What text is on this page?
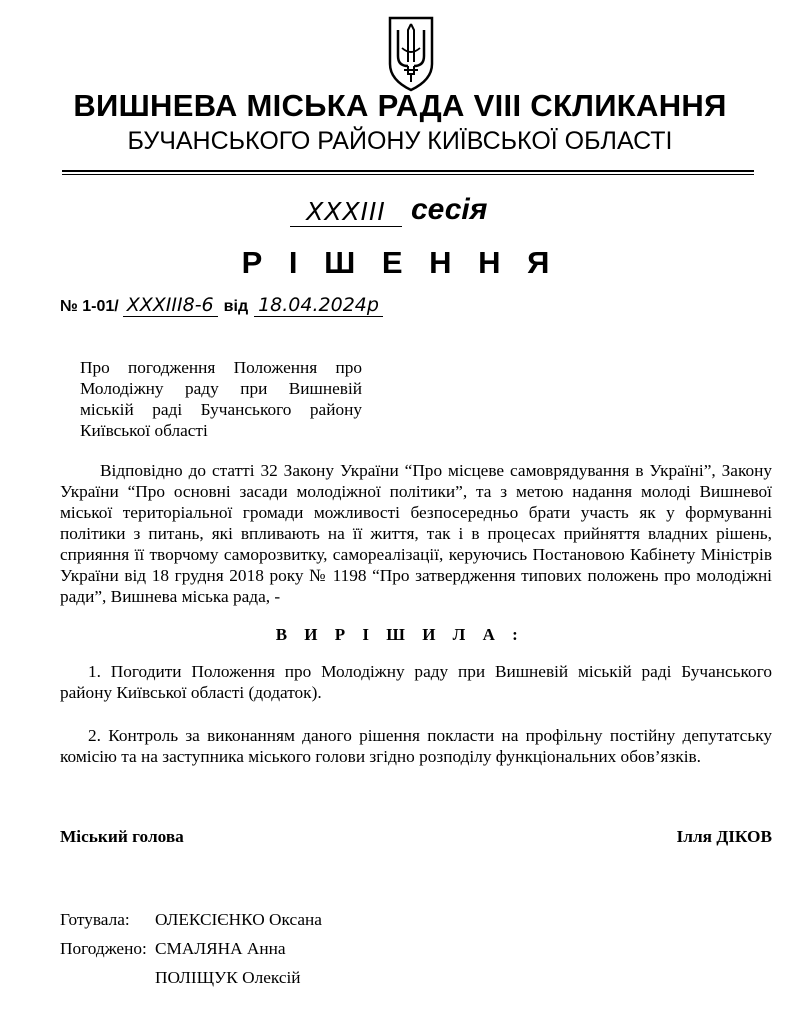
ВИШНЕВА МІСЬКА РАДА VIII СКЛИКАННЯ
БУЧАНСЬКОГО РАЙОНУ КИЇВСЬКОЇ ОБЛАСТІ
XXXIII сесія
Р І Ш Е Н Н Я
№ 1-01/ XXXIII8-6 від 18.04.2024р
Про погодження Положення про Молодіжну раду при Вишневій міській раді Бучанського району Київської області
Відповідно до статті 32 Закону України “Про місцеве самоврядування в Україні”, Закону України “Про основні засади молодіжної політики”, та з метою надання молоді Вишневої міської територіальної громади можливості безпосередньо брати участь як у формуванні політики з питань, які впливають на її життя, так і в процесах прийняття владних рішень, сприяння її творчому саморозвитку, самореалізації, керуючись Постановою Кабінету Міністрів України від 18 грудня 2018 року № 1198 “Про затвердження типових положень про молодіжні ради”, Вишнева міська рада, -
В И Р І Ш И Л А :
1. Погодити Положення про Молодіжну раду при Вишневій міській раді Бучанського району Київської області (додаток).
2. Контроль за виконанням даного рішення покласти на профільну постійну депутатську комісію та на заступника міського голови згідно розподілу функціональних обов’язків.
Міський голова	Ілля ДІКОВ
Готувала: ОЛЕКСІЄНКО Оксана
Погоджено: СМАЛЯНА Анна
ПОЛІЩУК Олексій
